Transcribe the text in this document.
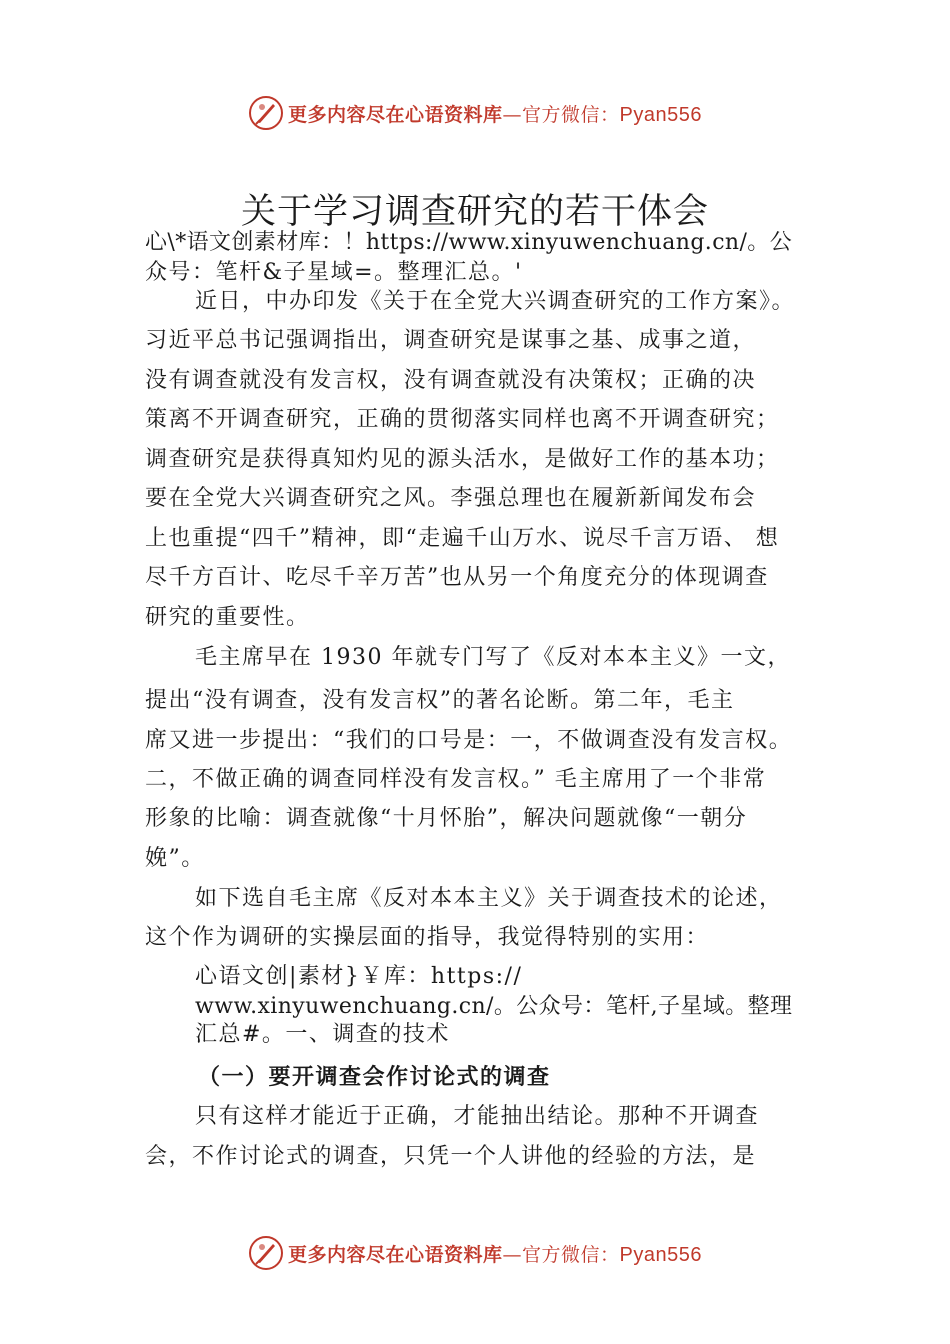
更多内容尽在心语资料库—官方微信：Pyan556
关于学习调查研究的若干体会
心\*语文创素材库：！https://www.xinyuwenchuang.cn/。公
众号：笔杆&子星域=。整理汇总。'
近日，中办印发《关于在全党大兴调查研究的工作方案》。
习近平总书记强调指出，调查研究是谋事之基、成事之道，
没有调查就没有发言权，没有调查就没有决策权；正确的决
策离不开调查研究，正确的贯彻落实同样也离不开调查研究；
调查研究是获得真知灼见的源头活水，是做好工作的基本功；
要在全党大兴调查研究之风。李强总理也在履新新闻发布会
上也重提“四千”精神，即“走遍千山万水、说尽千言万语、 想
尽千方百计、吃尽千辛万苦”也从另一个角度充分的体现调查
研究的重要性。
毛主席早在 1930 年就专门写了《反对本本主义》一文，
提出“没有调查，没有发言权”的著名论断。第二年，毛主
席又进一步提出：“我们的口号是：一，不做调查没有发言权。
二，不做正确的调查同样没有发言权。” 毛主席用了一个非常
形象的比喻：调查就像“十月怀胎”，解决问题就像“一朝分
娩”。
如下选自毛主席《反对本本主义》关于调查技术的论述，
这个作为调研的实操层面的指导，我觉得特别的实用：
心语文创|素材}￥库：https://
www.xinyuwenchuang.cn/。公众号：笔杆,子星域。整理
汇总#。一、调查的技术
（一）要开调查会作讨论式的调查
只有这样才能近于正确，才能抽出结论。那种不开调查
会，不作讨论式的调查，只凭一个人讲他的经验的方法，是
更多内容尽在心语资料库—官方微信：Pyan556
